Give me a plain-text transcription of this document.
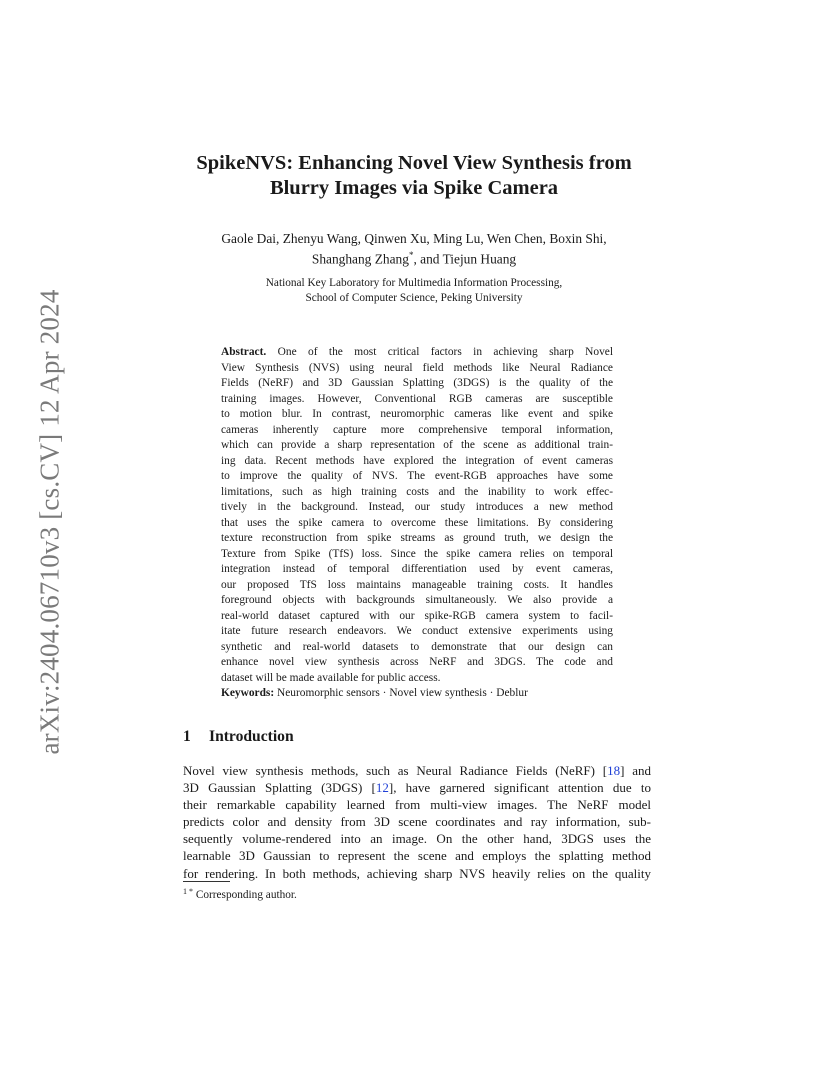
arXiv:2404.06710v3 [cs.CV] 12 Apr 2024
SpikeNVS: Enhancing Novel View Synthesis from
Blurry Images via Spike Camera
Gaole Dai, Zhenyu Wang, Qinwen Xu, Ming Lu, Wen Chen, Boxin Shi,
Shanghang Zhang*, and Tiejun Huang
National Key Laboratory for Multimedia Information Processing,
School of Computer Science, Peking University
Abstract. One of the most critical factors in achieving sharp Novel
View Synthesis (NVS) using neural field methods like Neural Radiance
Fields (NeRF) and 3D Gaussian Splatting (3DGS) is the quality of the
training images. However, Conventional RGB cameras are susceptible
to motion blur. In contrast, neuromorphic cameras like event and spike
cameras inherently capture more comprehensive temporal information,
which can provide a sharp representation of the scene as additional train-
ing data. Recent methods have explored the integration of event cameras
to improve the quality of NVS. The event-RGB approaches have some
limitations, such as high training costs and the inability to work effec-
tively in the background. Instead, our study introduces a new method
that uses the spike camera to overcome these limitations. By considering
texture reconstruction from spike streams as ground truth, we design the
Texture from Spike (TfS) loss. Since the spike camera relies on temporal
integration instead of temporal differentiation used by event cameras,
our proposed TfS loss maintains manageable training costs. It handles
foreground objects with backgrounds simultaneously. We also provide a
real-world dataset captured with our spike-RGB camera system to facil-
itate future research endeavors. We conduct extensive experiments using
synthetic and real-world datasets to demonstrate that our design can
enhance novel view synthesis across NeRF and 3DGS. The code and
dataset will be made available for public access.
Keywords: Neuromorphic sensors · Novel view synthesis · Deblur
1 Introduction
Novel view synthesis methods, such as Neural Radiance Fields (NeRF) [18] and
3D Gaussian Splatting (3DGS) [12], have garnered significant attention due to
their remarkable capability learned from multi-view images. The NeRF model
predicts color and density from 3D scene coordinates and ray information, sub-
sequently volume-rendered into an image. On the other hand, 3DGS uses the
learnable 3D Gaussian to represent the scene and employs the splatting method
for rendering. In both methods, achieving sharp NVS heavily relies on the quality
$^{1 *}$ Corresponding author.
